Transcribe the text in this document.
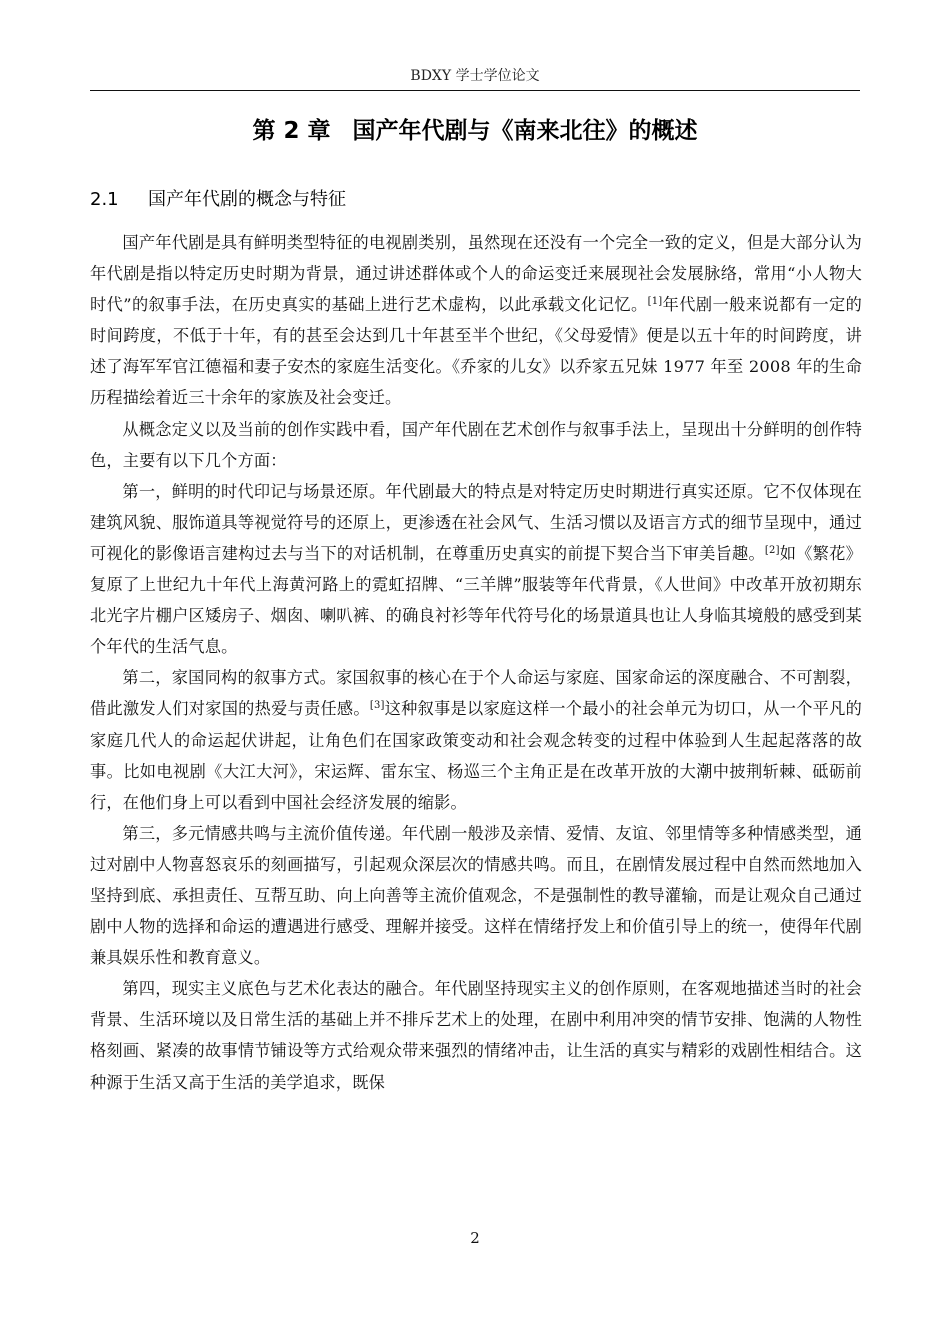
BDXY 学士学位论文
第 2 章 国产年代剧与《南来北往》的概述
2.1 国产年代剧的概念与特征

国产年代剧是具有鲜明类型特征的电视剧类别，虽然现在还没有一个完全一致的定义，但是大部分认为年代剧是指以特定历史时期为背景，通过讲述群体或个人的命运变迁来展现社会发展脉络，常用“小人物大时代”的叙事手法，在历史真实的基础上进行艺术虚构，以此承载文化记忆。[1]年代剧一般来说都有一定的时间跨度，不低于十年，有的甚至会达到几十年甚至半个世纪，《父母爱情》便是以五十年的时间跨度，讲述了海军军官江德福和妻子安杰的家庭生活变化。《乔家的儿女》以乔家五兄妹 1977 年至 2008 年的生命历程描绘着近三十余年的家族及社会变迁。

从概念定义以及当前的创作实践中看，国产年代剧在艺术创作与叙事手法上，呈现出十分鲜明的创作特色，主要有以下几个方面：

第一，鲜明的时代印记与场景还原。年代剧最大的特点是对特定历史时期进行真实还原。它不仅体现在建筑风貌、服饰道具等视觉符号的还原上，更渗透在社会风气、生活习惯以及语言方式的细节呈现中，通过可视化的影像语言建构过去与当下的对话机制，在尊重历史真实的前提下契合当下审美旨趣。[2]如《繁花》复原了上世纪九十年代上海黄河路上的霓虹招牌、“三羊牌”服装等年代背景，《人世间》中改革开放初期东北光字片棚户区矮房子、烟囱、喇叭裤、的确良衬衫等年代符号化的场景道具也让人身临其境般的感受到某个年代的生活气息。

第二，家国同构的叙事方式。家国叙事的核心在于个人命运与家庭、国家命运的深度融合、不可割裂，借此激发人们对家国的热爱与责任感。[3]这种叙事是以家庭这样一个最小的社会单元为切口，从一个平凡的家庭几代人的命运起伏讲起，让角色们在国家政策变动和社会观念转变的过程中体验到人生起起落落的故事。比如电视剧《大江大河》，宋运辉、雷东宝、杨巡三个主角正是在改革开放的大潮中披荆斩棘、砥砺前行，在他们身上可以看到中国社会经济发展的缩影。

第三，多元情感共鸣与主流价值传递。年代剧一般涉及亲情、爱情、友谊、邻里情等多种情感类型，通过对剧中人物喜怒哀乐的刻画描写，引起观众深层次的情感共鸣。而且，在剧情发展过程中自然而然地加入坚持到底、承担责任、互帮互助、向上向善等主流价值观念，不是强制性的教导灌输，而是让观众自己通过剧中人物的选择和命运的遭遇进行感受、理解并接受。这样在情绪抒发上和价值引导上的统一，使得年代剧兼具娱乐性和教育意义。

第四，现实主义底色与艺术化表达的融合。年代剧坚持现实主义的创作原则，在客观地描述当时的社会背景、生活环境以及日常生活的基础上并不排斥艺术上的处理，在剧中利用冲突的情节安排、饱满的人物性格刻画、紧凑的故事情节铺设等方式给观众带来强烈的情绪冲击，让生活的真实与精彩的戏剧性相结合。这种源于生活又高于生活的美学追求，既保

2
